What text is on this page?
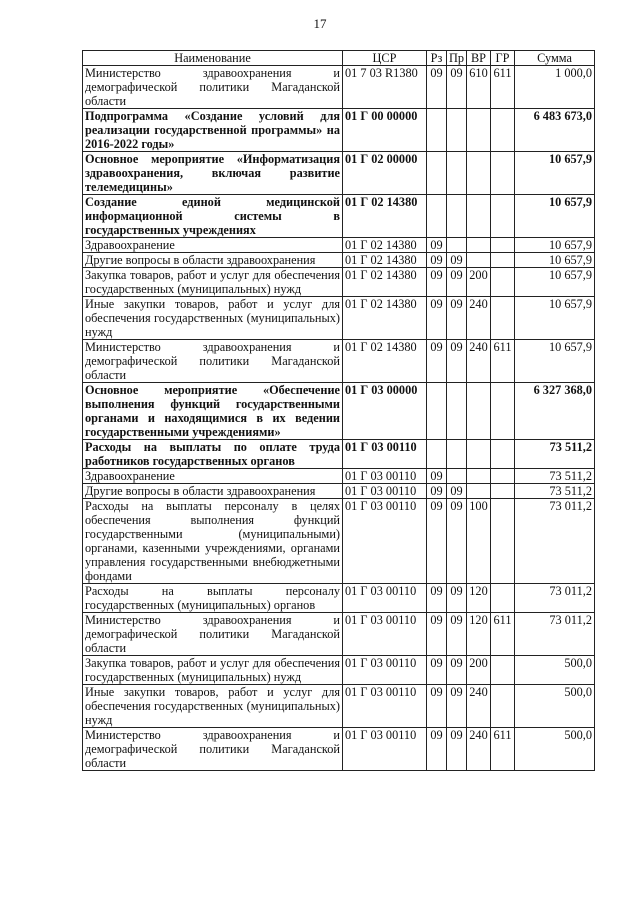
17
Наименование	ЦСР	Рз	Пр	ВР	ГР	Сумма
Министерство здравоохранения и демографической политики Магаданской области	01 7 03 R1380	09	09	610	611	1 000,0
Подпрограмма «Создание условий для реализации государственной программы» на 2016-2022 годы»	01 Г 00 00000					6 483 673,0
Основное мероприятие «Информатизация здравоохранения, включая развитие телемедицины»	01 Г 02 00000					10 657,9
Создание единой медицинской информационной системы в государственных учреждениях	01 Г 02 14380					10 657,9
Здравоохранение	01 Г 02 14380	09				10 657,9
Другие вопросы в области здравоохранения	01 Г 02 14380	09	09			10 657,9
Закупка товаров, работ и услуг для обеспечения государственных (муниципальных) нужд	01 Г 02 14380	09	09	200		10 657,9
Иные закупки товаров, работ и услуг для обеспечения государственных (муниципальных) нужд	01 Г 02 14380	09	09	240		10 657,9
Министерство здравоохранения и демографической политики Магаданской области	01 Г 02 14380	09	09	240	611	10 657,9
Основное мероприятие «Обеспечение выполнения функций государственными органами и находящимися в их ведении государственными учреждениями»	01 Г 03 00000					6 327 368,0
Расходы на выплаты по оплате труда работников государственных органов	01 Г 03 00110					73 511,2
Здравоохранение	01 Г 03 00110	09				73 511,2
Другие вопросы в области здравоохранения	01 Г 03 00110	09	09			73 511,2
Расходы на выплаты персоналу в целях обеспечения выполнения функций государственными (муниципальными) органами, казенными учреждениями, органами управления государственными внебюджетными фондами	01 Г 03 00110	09	09	100		73 011,2
Расходы на выплаты персоналу государственных (муниципальных) органов	01 Г 03 00110	09	09	120		73 011,2
Министерство здравоохранения и демографической политики Магаданской области	01 Г 03 00110	09	09	120	611	73 011,2
Закупка товаров, работ и услуг для обеспечения государственных (муниципальных) нужд	01 Г 03 00110	09	09	200		500,0
Иные закупки товаров, работ и услуг для обеспечения государственных (муниципальных) нужд	01 Г 03 00110	09	09	240		500,0
Министерство здравоохранения и демографической политики Магаданской области	01 Г 03 00110	09	09	240	611	500,0
